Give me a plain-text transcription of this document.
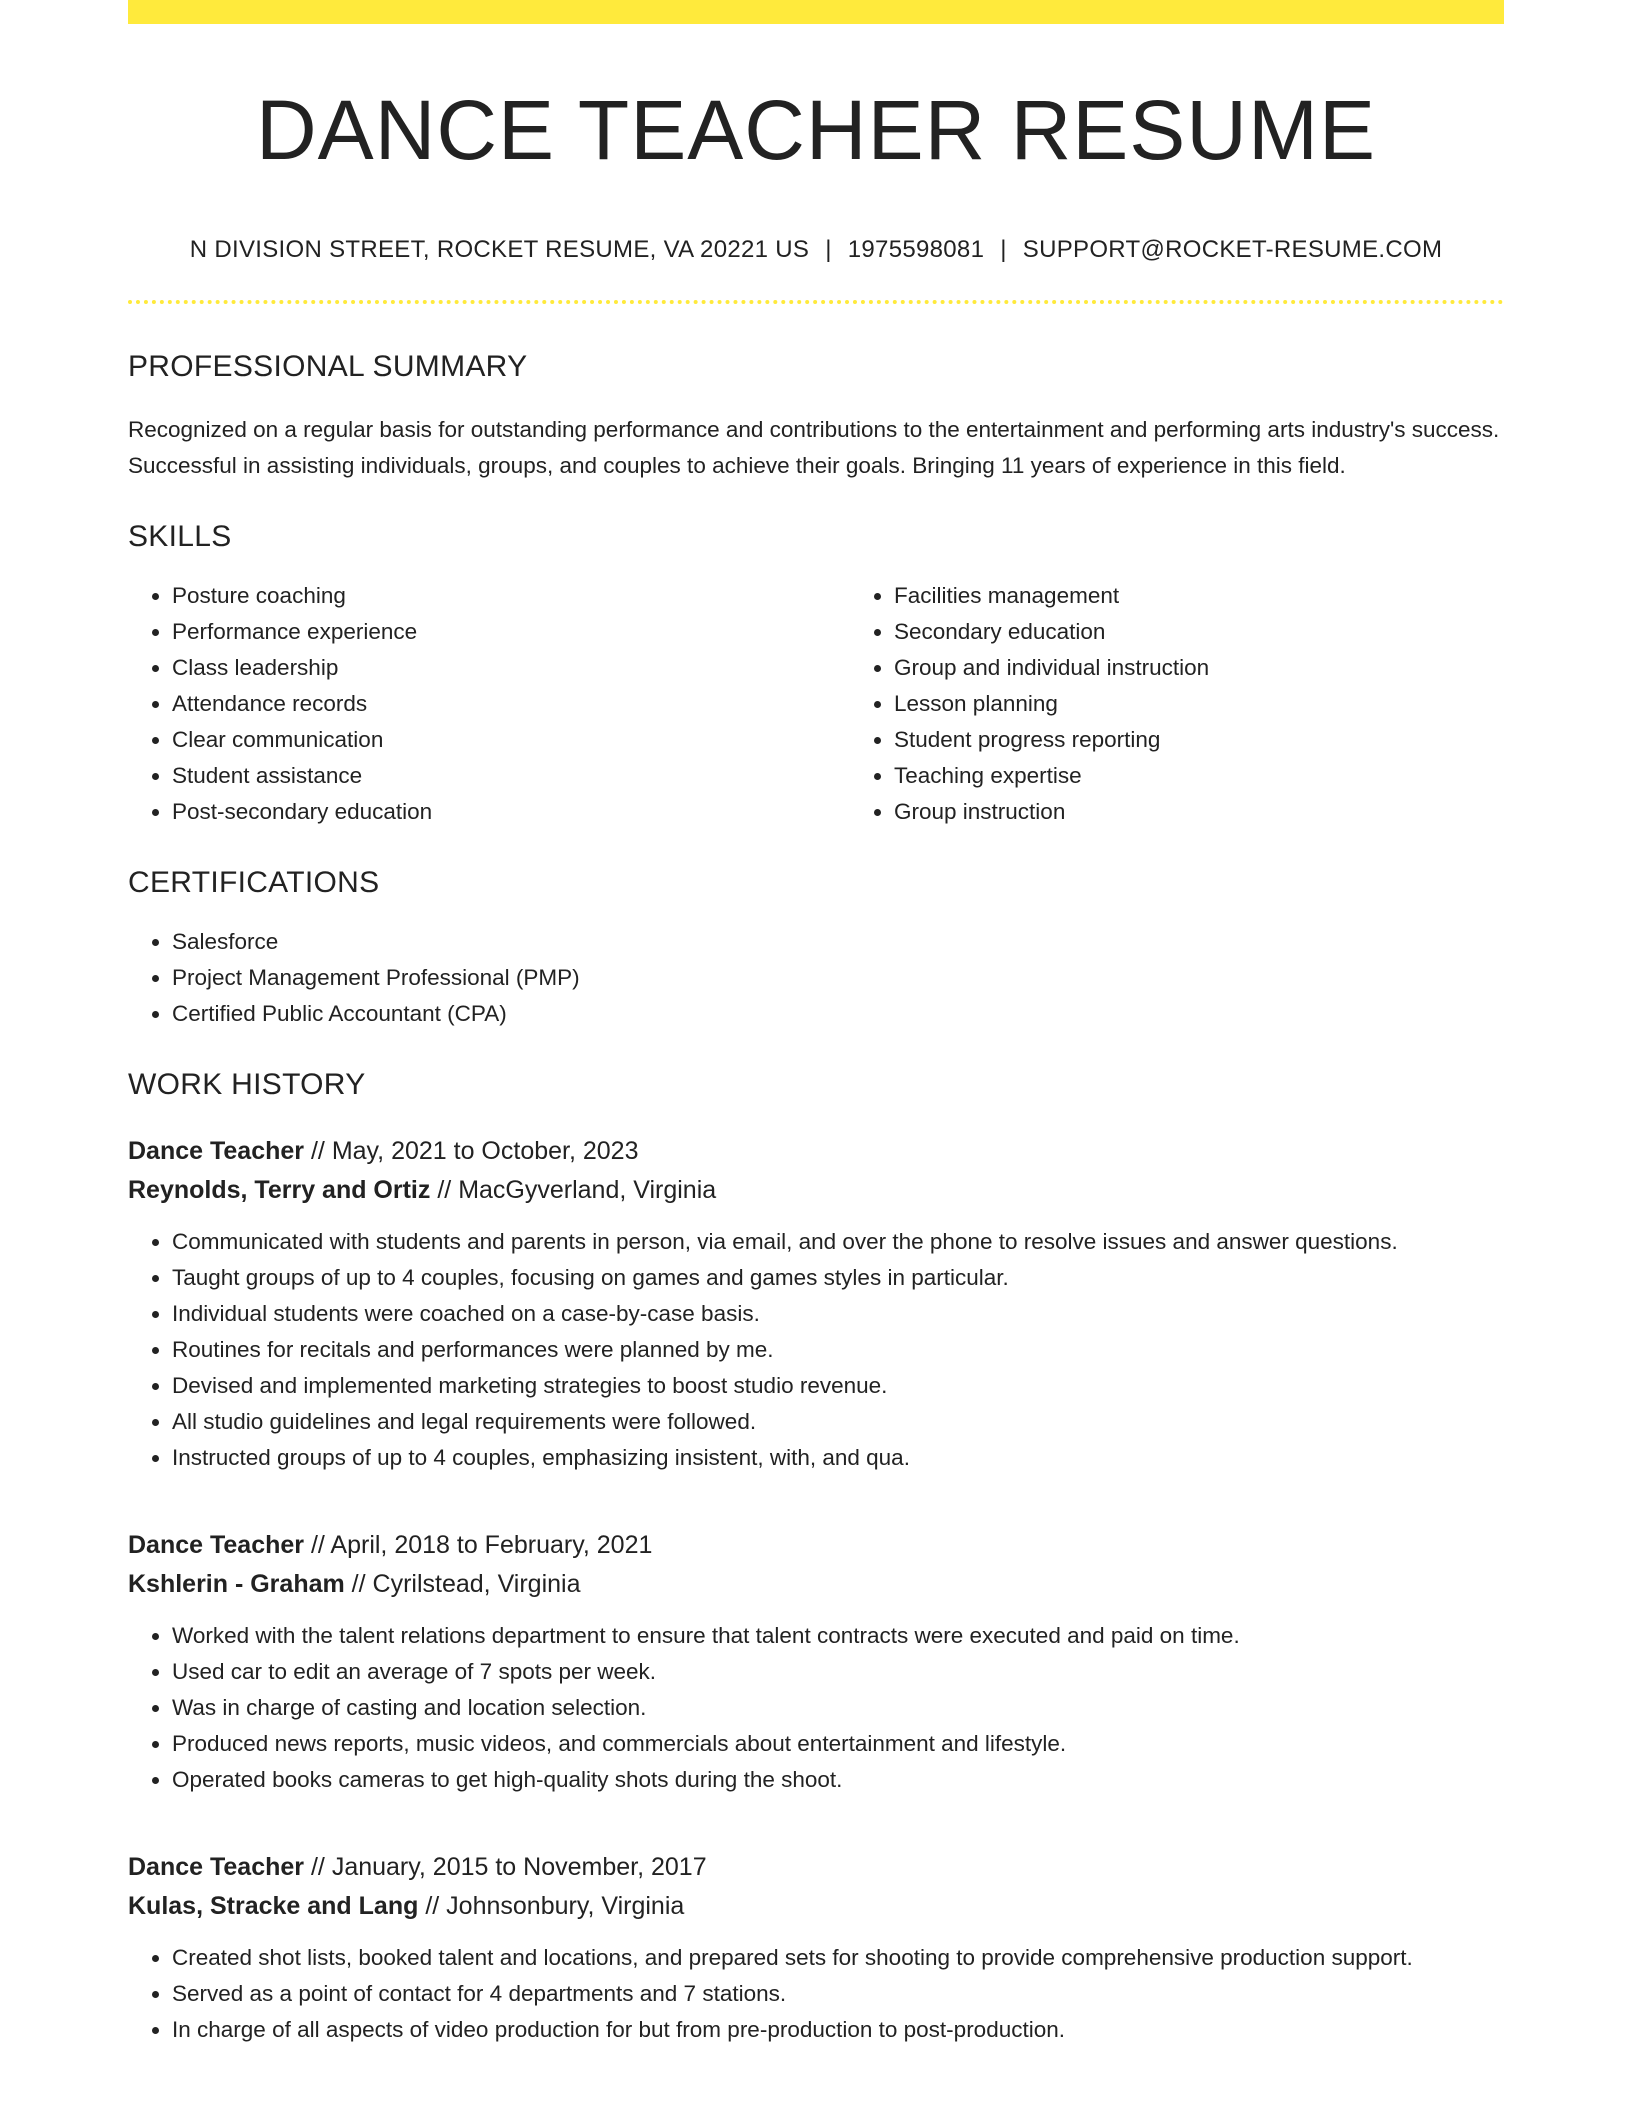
DANCE TEACHER RESUME
N DIVISION STREET, ROCKET RESUME, VA 20221 US | 1975598081 | SUPPORT@ROCKET-RESUME.COM
PROFESSIONAL SUMMARY

Recognized on a regular basis for outstanding performance and contributions to the entertainment and performing arts industry's success. Successful in assisting individuals, groups, and couples to achieve their goals. Bringing 11 years of experience in this field.

SKILLS
• Posture coaching
• Performance experience
• Class leadership
• Attendance records
• Clear communication
• Student assistance
• Post-secondary education
• Facilities management
• Secondary education
• Group and individual instruction
• Lesson planning
• Student progress reporting
• Teaching expertise
• Group instruction
CERTIFICATIONS
• Salesforce
• Project Management Professional (PMP)
• Certified Public Accountant (CPA)
WORK HISTORY
Dance Teacher // May, 2021 to October, 2023
Reynolds, Terry and Ortiz // MacGyverland, Virginia
• Communicated with students and parents in person, via email, and over the phone to resolve issues and answer questions.
• Taught groups of up to 4 couples, focusing on games and games styles in particular.
• Individual students were coached on a case-by-case basis.
• Routines for recitals and performances were planned by me.
• Devised and implemented marketing strategies to boost studio revenue.
• All studio guidelines and legal requirements were followed.
• Instructed groups of up to 4 couples, emphasizing insistent, with, and qua.
Dance Teacher // April, 2018 to February, 2021
Kshlerin - Graham // Cyrilstead, Virginia
• Worked with the talent relations department to ensure that talent contracts were executed and paid on time.
• Used car to edit an average of 7 spots per week.
• Was in charge of casting and location selection.
• Produced news reports, music videos, and commercials about entertainment and lifestyle.
• Operated books cameras to get high-quality shots during the shoot.
Dance Teacher // January, 2015 to November, 2017
Kulas, Stracke and Lang // Johnsonbury, Virginia
• Created shot lists, booked talent and locations, and prepared sets for shooting to provide comprehensive production support.
• Served as a point of contact for 4 departments and 7 stations.
• In charge of all aspects of video production for but from pre-production to post-production.
